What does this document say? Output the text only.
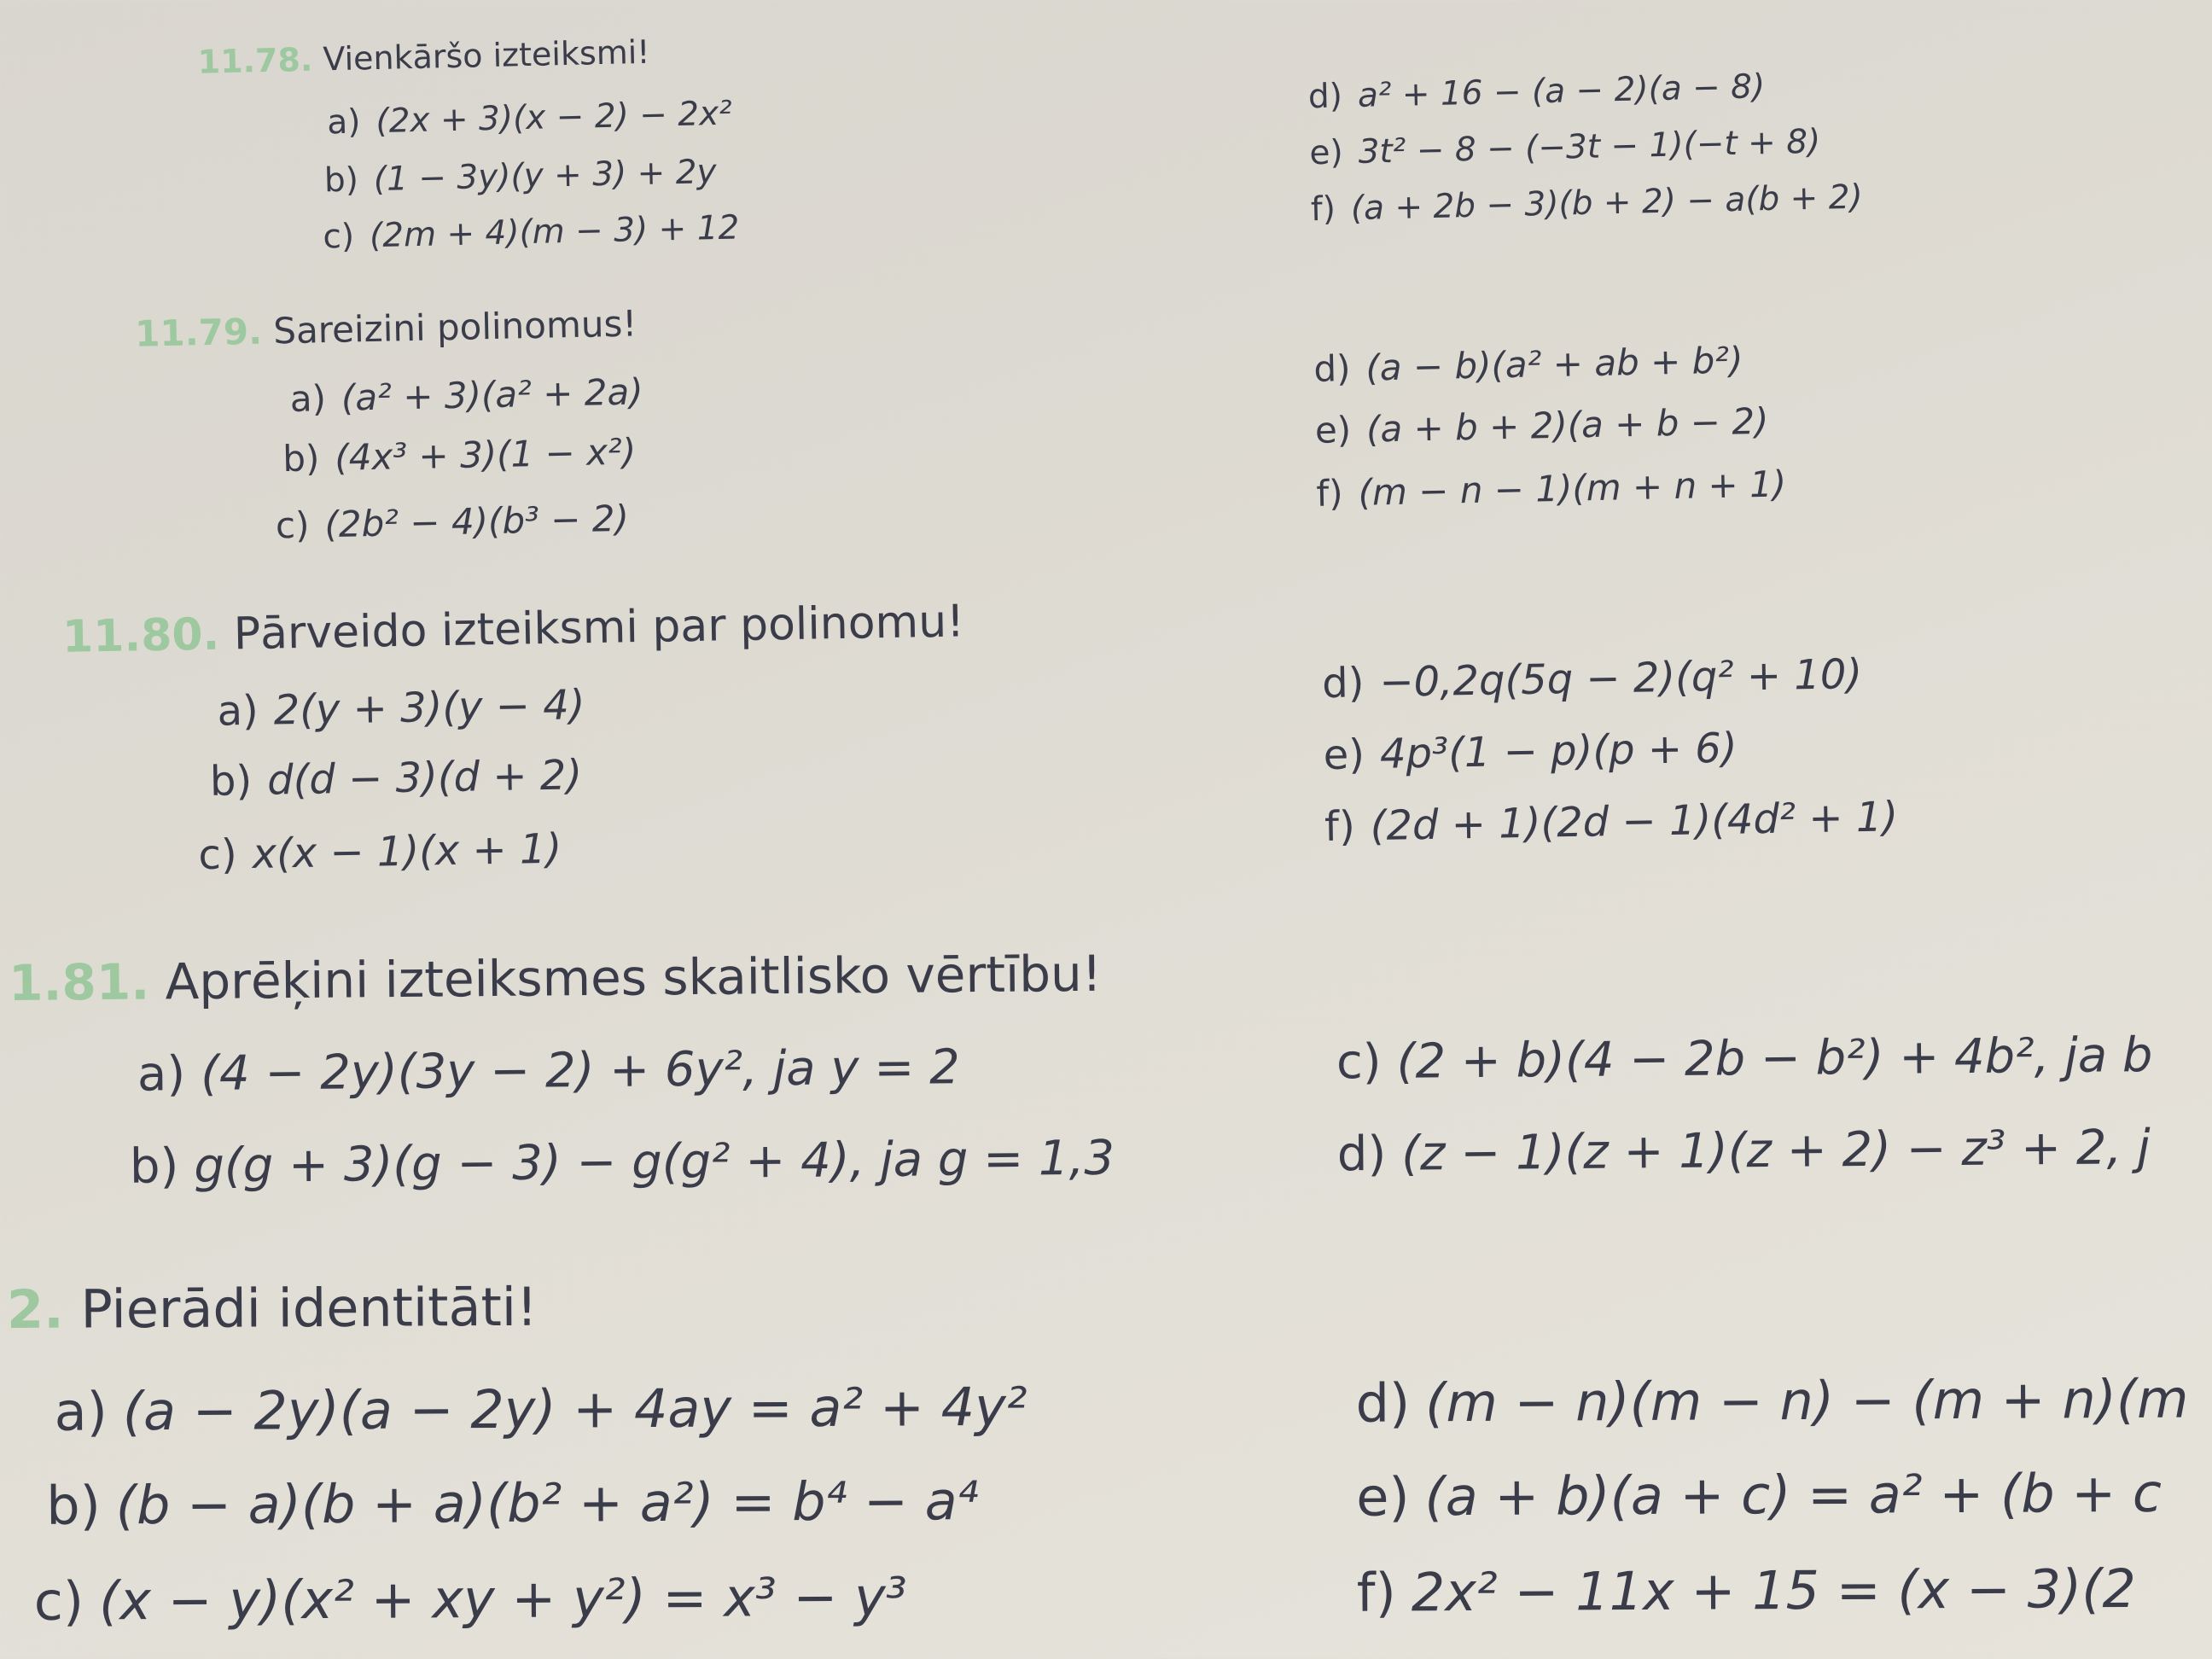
11.78. Vienkāršo izteiksmi!
a) (2x + 3)(x − 2) − 2x²
b) (1 − 3y)(y + 3) + 2y
c) (2m + 4)(m − 3) + 12
d) a² + 16 − (a − 2)(a − 8)
e) 3t² − 8 − (−3t − 1)(−t + 8)
f) (a + 2b − 3)(b + 2) − a(b + 2)
11.79. Sareizini polinomus!
a) (a² + 3)(a² + 2a)
b) (4x³ + 3)(1 − x²)
c) (2b² − 4)(b³ − 2)
d) (a − b)(a² + ab + b²)
e) (a + b + 2)(a + b − 2)
f) (m − n − 1)(m + n + 1)
11.80. Pārveido izteiksmi par polinomu!
a) 2(y + 3)(y − 4)
b) d(d − 3)(d + 2)
c) x(x − 1)(x + 1)
d) −0,2q(5q − 2)(q² + 10)
e) 4p³(1 − p)(p + 6)
f) (2d + 1)(2d − 1)(4d² + 1)
1.81. Aprēķini izteiksmes skaitlisko vērtību!
a) (4 − 2y)(3y − 2) + 6y², ja y = 2
b) g(g + 3)(g − 3) − g(g² + 4), ja g = 1,3
c) (2 + b)(4 − 2b − b²) + 4b², ja b
d) (z − 1)(z + 1)(z + 2) − z³ + 2, j
2. Pierādi identitāti!
a) (a − 2y)(a − 2y) + 4ay = a² + 4y²
b) (b − a)(b + a)(b² + a²) = b⁴ − a⁴
c) (x − y)(x² + xy + y²) = x³ − y³
d) (m − n)(m − n) − (m + n)(m
e) (a + b)(a + c) = a² + (b + c
f) 2x² − 11x + 15 = (x − 3)(2
